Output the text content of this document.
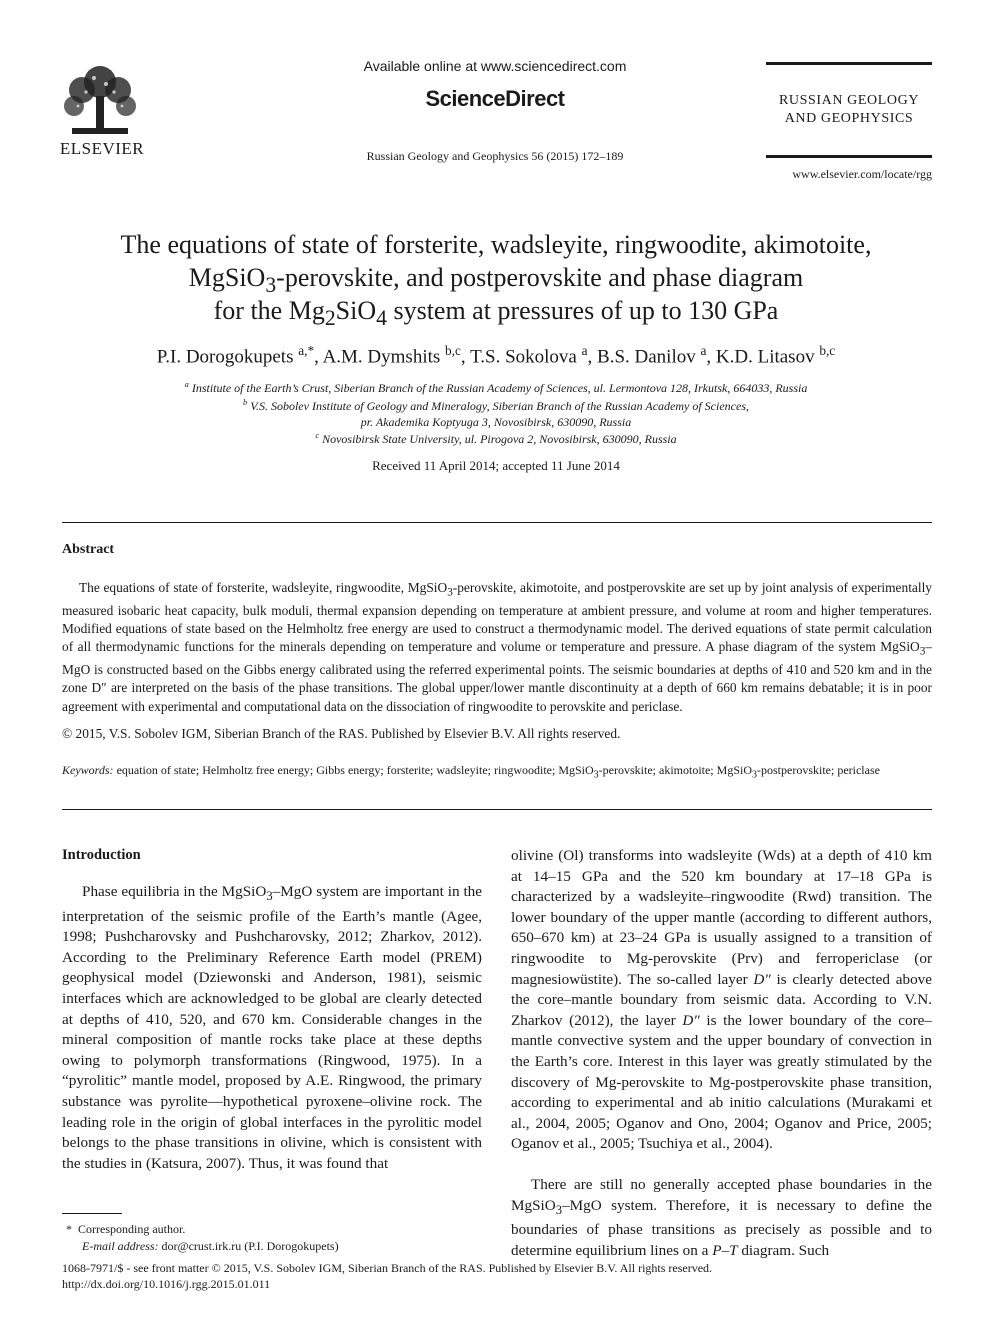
ELSEVIER
Available online at www.sciencedirect.com
ScienceDirect
Russian Geology and Geophysics 56 (2015) 172–189
RUSSIAN GEOLOGY
AND GEOPHYSICS
www.elsevier.com/locate/rgg
The equations of state of forsterite, wadsleyite, ringwoodite, akimotoite,
MgSiO$_3$-perovskite, and postperovskite and phase diagram
for the $Mg_2SiO_4$ system at pressures of up to 130 GPa
P.I. Dorogokupets $^{a,*}$, A.M. Dymshits $^{b,c}$, T.S. Sokolova $^a$, B.S. Danilov $^a$, K.D. Litasov $^{b,c}$
$^a$ Institute of the Earth’s Crust, Siberian Branch of the Russian Academy of Sciences, ul. Lermontova 128, Irkutsk, 664033, Russia
$^b$ V.S. Sobolev Institute of Geology and Mineralogy, Siberian Branch of the Russian Academy of Sciences,
pr. Akademika Koptyuga 3, Novosibirsk, 630090, Russia
$^c$ Novosibirsk State University, ul. Pirogova 2, Novosibirsk, 630090, Russia
Received 11 April 2014; accepted 11 June 2014
Abstract
The equations of state of forsterite, wadsleyite, ringwoodite, MgSiO$_3$-perovskite, akimotoite, and postperovskite are set up by joint analysis of experimentally measured isobaric heat capacity, bulk moduli, thermal expansion depending on temperature at ambient pressure, and volume at room and higher temperatures. Modified equations of state based on the Helmholtz free energy are used to construct a thermodynamic model. The derived equations of state permit calculation of all thermodynamic functions for the minerals depending on temperature and volume or temperature and pressure. A phase diagram of the system MgSiO$_3$–MgO is constructed based on the Gibbs energy calibrated using the referred experimental points. The seismic boundaries at depths of 410 and 520 km and in the zone D″ are interpreted on the basis of the phase transitions. The global upper/lower mantle discontinuity at a depth of 660 km remains debatable; it is in poor agreement with experimental and computational data on the dissociation of ringwoodite to perovskite and periclase.
© 2015, V.S. Sobolev IGM, Siberian Branch of the RAS. Published by Elsevier B.V. All rights reserved.
Keywords: equation of state; Helmholtz free energy; Gibbs energy; forsterite; wadsleyite; ringwoodite; MgSiO$_3$-perovskite; akimotoite; MgSiO$_3$-postperovskite; periclase
Introduction
Phase equilibria in the MgSiO$_3$–MgO system are important in the interpretation of the seismic profile of the Earth’s mantle (Agee, 1998; Pushcharovsky and Pushcharovsky, 2012; Zharkov, 2012). According to the Preliminary Reference Earth model (PREM) geophysical model (Dziewonski and Anderson, 1981), seismic interfaces which are acknowledged to be global are clearly detected at depths of 410, 520, and 670 km. Considerable changes in the mineral composition of mantle rocks take place at these depths owing to polymorph transformations (Ringwood, 1975). In a “pyrolitic” mantle model, proposed by A.E. Ringwood, the primary substance was pyrolite—hypothetical pyroxene–olivine rock. The leading role in the origin of global interfaces in the pyrolitic model belongs to the phase transitions in olivine, which is consistent with the studies in (Katsura, 2007). Thus, it was found that
olivine (Ol) transforms into wadsleyite (Wds) at a depth of 410 km at 14–15 GPa and the 520 km boundary at 17–18 GPa is characterized by a wadsleyite–ringwoodite (Rwd) transition. The lower boundary of the upper mantle (according to different authors, 650–670 km) at 23–24 GPa is usually assigned to a transition of ringwoodite to Mg-perovskite (Prv) and ferropericlase (or magnesiowüstite). The so-called layer D″ is clearly detected above the core–mantle boundary from seismic data. According to V.N. Zharkov (2012), the layer D″ is the lower boundary of the core–mantle convective system and the upper boundary of convection in the Earth’s core. Interest in this layer was greatly stimulated by the discovery of Mg-perovskite to Mg-postperovskite phase transition, according to experimental and ab initio calculations (Murakami et al., 2004, 2005; Oganov and Ono, 2004; Oganov and Price, 2005; Oganov et al., 2005; Tsuchiya et al., 2004).
There are still no generally accepted phase boundaries in the MgSiO$_3$–MgO system. Therefore, it is necessary to define the boundaries of phase transitions as precisely as possible and to determine equilibrium lines on a P–T diagram. Such
*  Corresponding author.
E-mail address: dor@crust.irk.ru (P.I. Dorogokupets)
1068-7971/$ - see front matter © 2015, V.S. Sobolev IGM, Siberian Branch of the RAS. Published by Elsevier B.V. All rights reserved.
http://dx.doi.org/10.1016/j.rgg.2015.01.011
